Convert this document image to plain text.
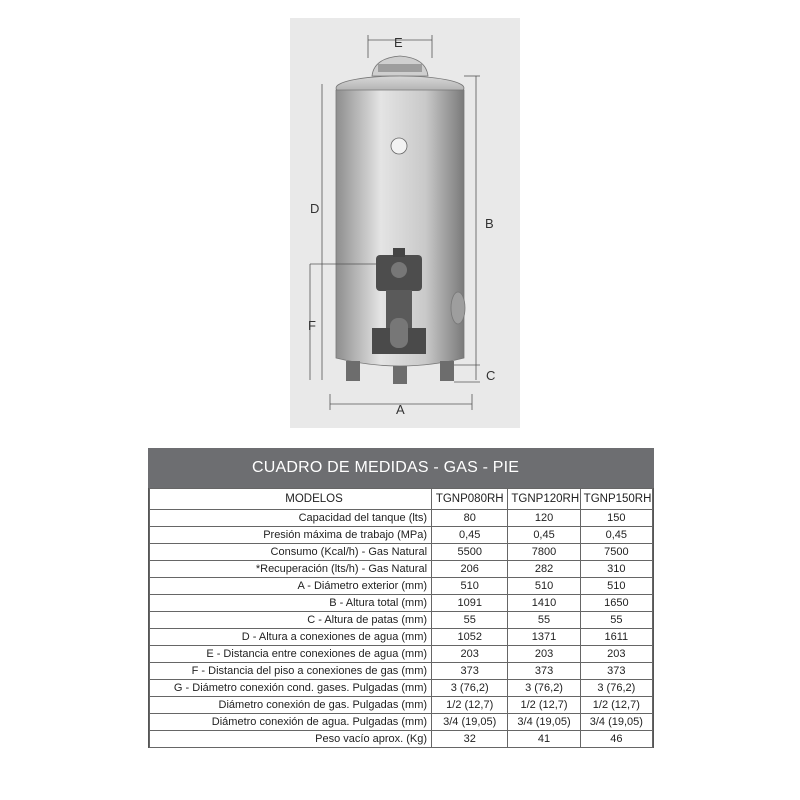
E
D
B
F
C
A
CUADRO DE MEDIDAS - GAS - PIE
MODELOS	TGNP080RH	TGNP120RH	TGNP150RH
Capacidad del tanque (lts)	80	120	150
Presión máxima de trabajo (MPa)	0,45	0,45	0,45
Consumo (Kcal/h) - Gas Natural	5500	7800	7500
*Recuperación (lts/h) - Gas Natural	206	282	310
A - Diámetro exterior (mm)	510	510	510
B - Altura total (mm)	1091	1410	1650
C - Altura de patas (mm)	55	55	55
D - Altura a conexiones de agua (mm)	1052	1371	1611
E - Distancia entre conexiones de agua (mm)	203	203	203
F - Distancia del piso a conexiones de gas (mm)	373	373	373
G - Diámetro conexión cond. gases. Pulgadas (mm)	3 (76,2)	3 (76,2)	3 (76,2)
Diámetro conexión de gas. Pulgadas (mm)	1/2 (12,7)	1/2 (12,7)	1/2 (12,7)
Diámetro conexión de agua. Pulgadas (mm)	3/4 (19,05)	3/4 (19,05)	3/4 (19,05)
Peso vacío aprox. (Kg)	32	41	46
